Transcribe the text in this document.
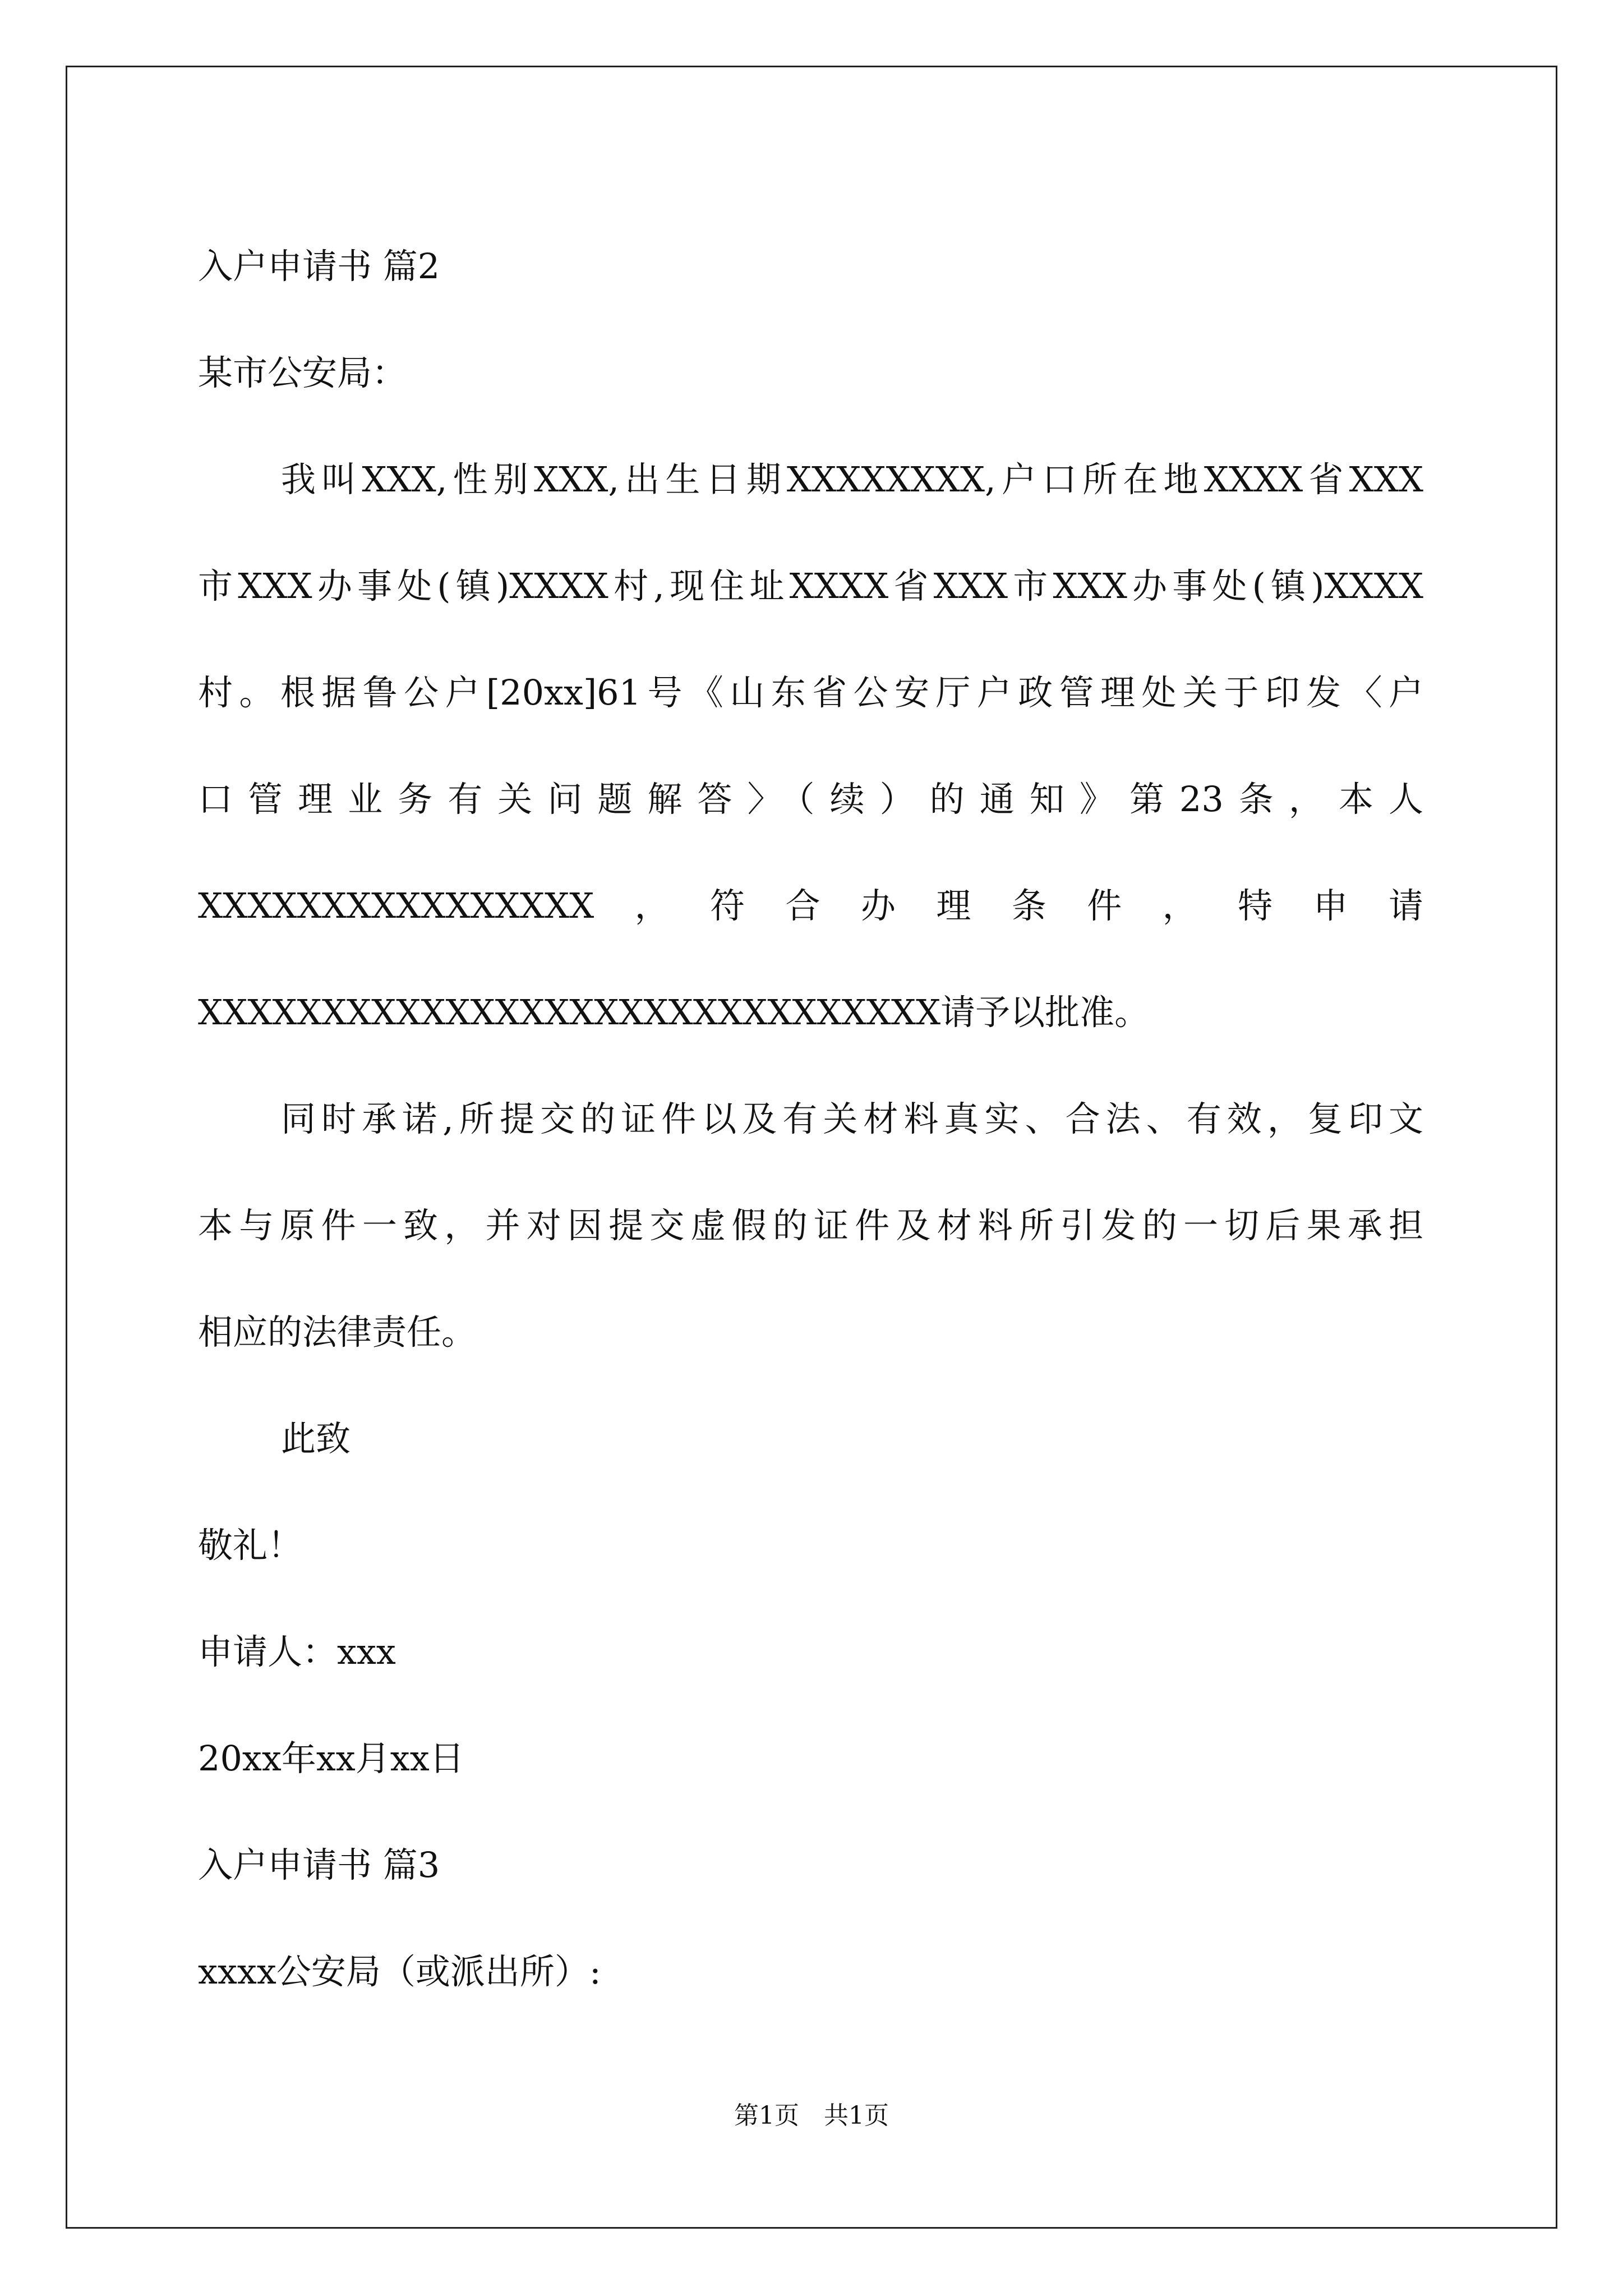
入户申请书 篇2
某市公安局：
我叫XXX,性别XXX,出生日期XXXXXXXX,户口所在地XXXX省XXX
市XXX办事处(镇)XXXX村,现住址XXXX省XXX市XXX办事处(镇)XXXX
村。根据鲁公户[20xx]61号《山东省公安厅户政管理处关于印发〈户
口管理业务有关问题解答〉（续）的通知》第23条，本人
XXXXXXXXXXXXXXXX，符合办理条件，特申请
XXXXXXXXXXXXXXXXXXXXXXXXXXXXXX请予以批准。
同时承诺,所提交的证件以及有关材料真实、合法、有效，复印文
本与原件一致，并对因提交虚假的证件及材料所引发的一切后果承担
相应的法律责任。
此致
敬礼！
申请人：xxx
20xx年xx月xx日
入户申请书 篇3
xxxx公安局（或派出所）:
第1页　共1页
